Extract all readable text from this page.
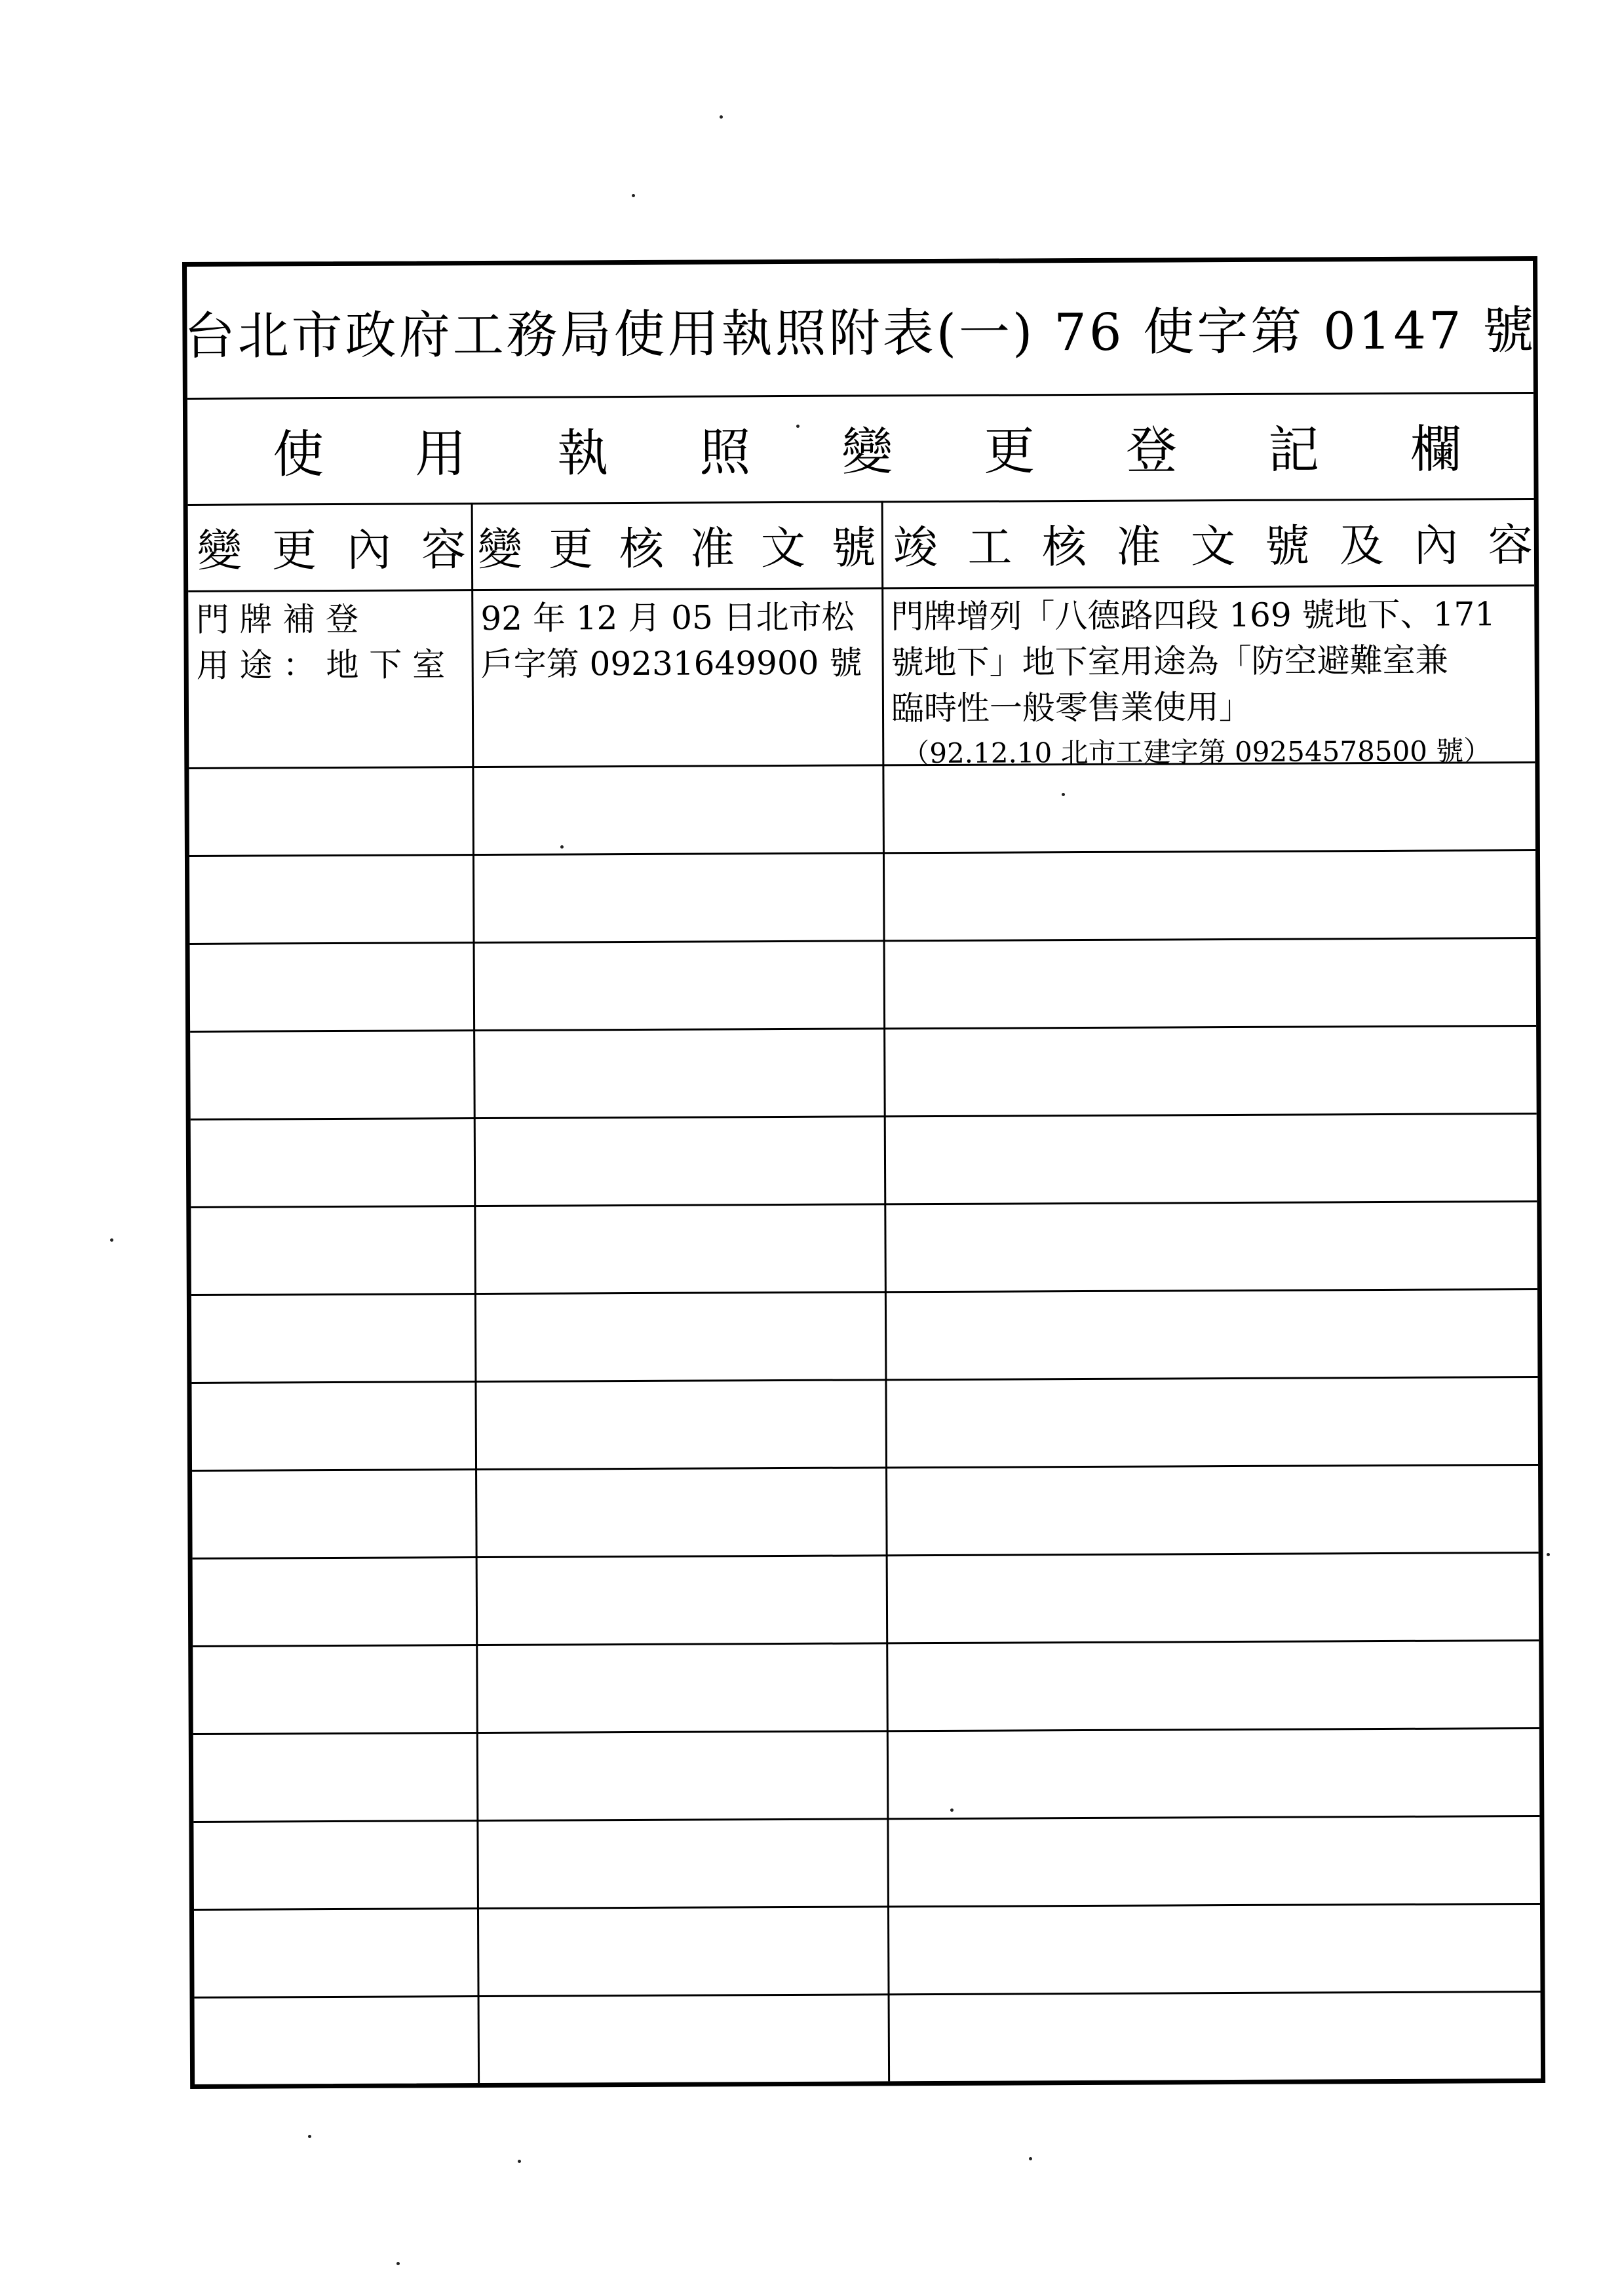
台北市政府工務局使用執照附表(一) 76 使字第 0147 號
使 用 執 照 變 更 登 記 欄
變 更 內 容 變 更 核 准 文 號 竣 工 核 准 文 號 及 內 容
門 牌 補 登
用 途 ： 地 下 室
92 年 12 月 05 日北市松
戶字第 09231649900 號
門牌增列「八德路四段 169 號地下、171
號地下」地下室用途為「防空避難室兼
臨時性一般零售業使用」
（92.12.10 北市工建字第 09254578500 號）
